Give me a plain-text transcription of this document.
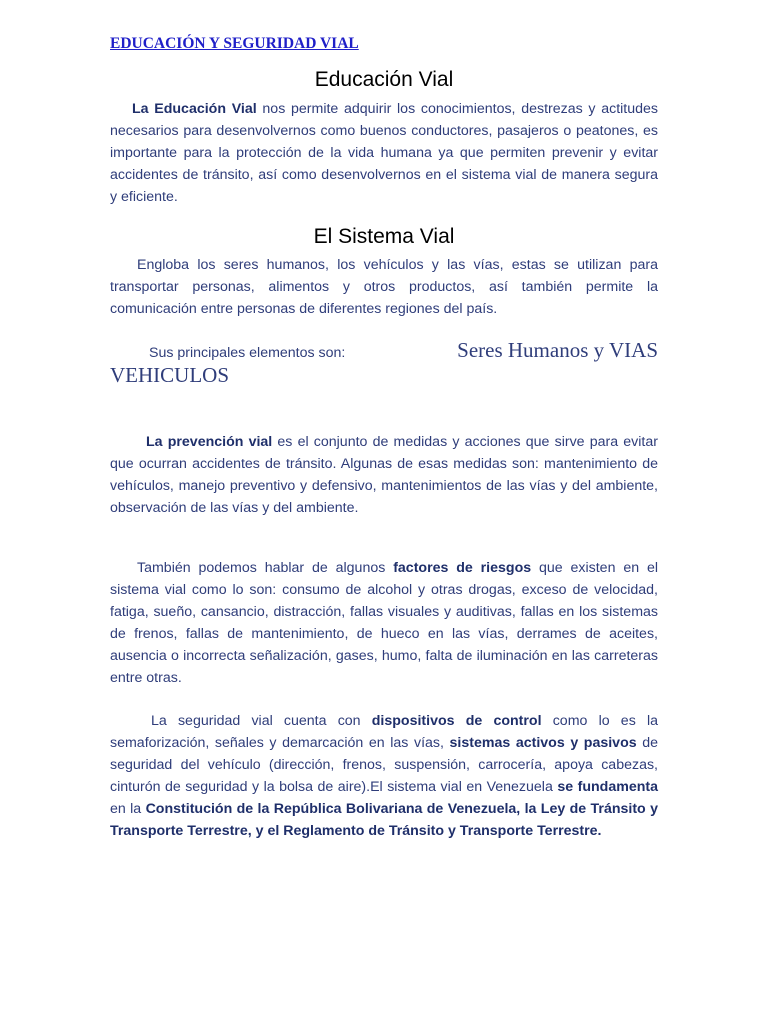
EDUCACIÓN Y SEGURIDAD VIAL
Educación Vial
La Educación Vial nos permite adquirir los conocimientos, destrezas y actitudes necesarios para desenvolvernos como buenos conductores, pasajeros o peatones, es importante para la protección de la vida humana ya que permiten prevenir y evitar accidentes de tránsito, así como desenvolvernos en el sistema vial de manera segura y eficiente.
El Sistema Vial
Engloba los seres humanos, los vehículos y las vías, estas se utilizan para transportar personas, alimentos y otros productos, así también permite la comunicación entre personas de diferentes regiones del país.
Sus principales elementos son:	Seres Humanos y VIAS
VEHICULOS
La prevención vial es el conjunto de medidas y acciones que sirve para evitar que ocurran accidentes de tránsito. Algunas de esas medidas son: mantenimiento de vehículos, manejo preventivo y defensivo, mantenimientos de las vías y del ambiente, observación de las vías y del ambiente.
También podemos hablar de algunos factores de riesgos que existen en el sistema vial como lo son: consumo de alcohol y otras drogas, exceso de velocidad, fatiga, sueño, cansancio, distracción, fallas visuales y auditivas, fallas en los sistemas de frenos, fallas de mantenimiento, de hueco en las vías, derrames de aceites, ausencia o incorrecta señalización, gases, humo, falta de iluminación en las carreteras entre otras.
La seguridad vial cuenta con dispositivos de control como lo es la semaforización, señales y demarcación en las vías, sistemas activos y pasivos de seguridad del vehículo (dirección, frenos, suspensión, carrocería, apoya cabezas, cinturón de seguridad y la bolsa de aire).El sistema vial en Venezuela se fundamenta en la Constitución de la República Bolivariana de Venezuela, la Ley de Tránsito y Transporte Terrestre, y el Reglamento de Tránsito y Transporte Terrestre.
